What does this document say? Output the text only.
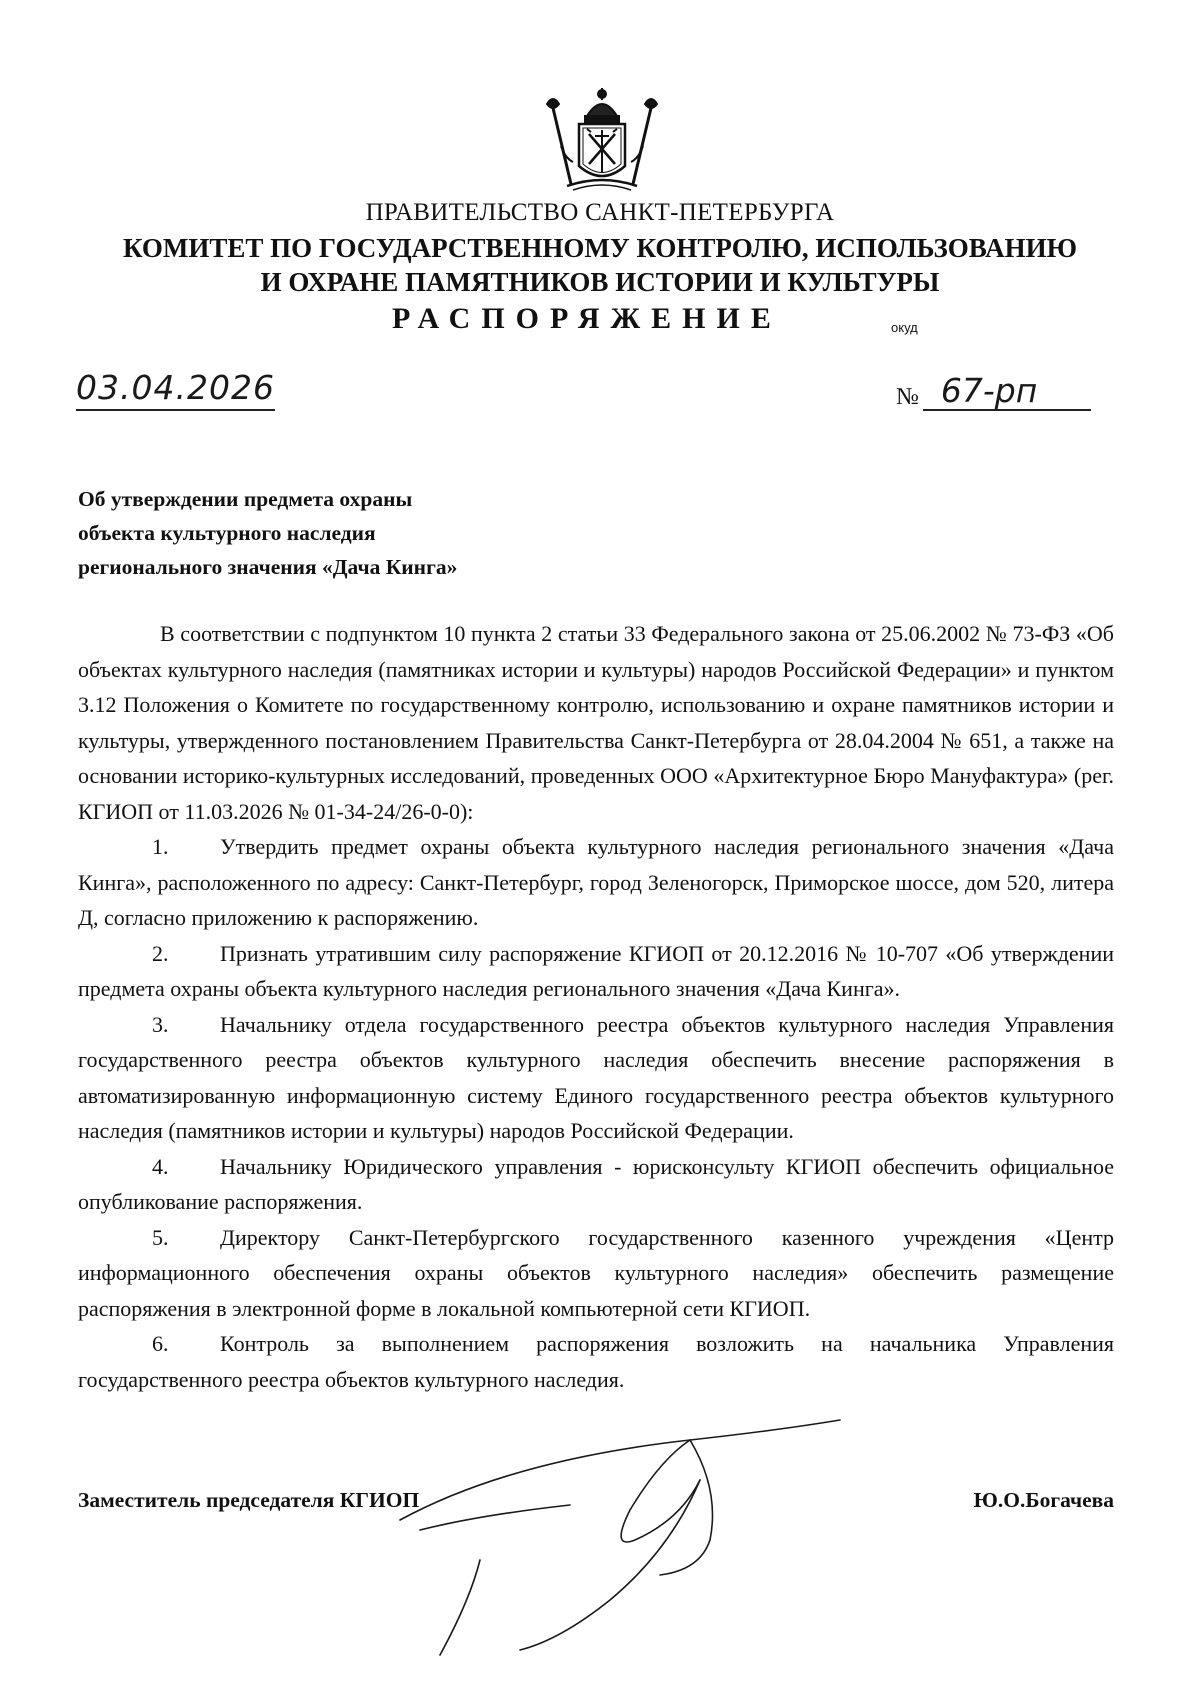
ПРАВИТЕЛЬСТВО САНКТ-ПЕТЕРБУРГА
КОМИТЕТ ПО ГОСУДАРСТВЕННОМУ КОНТРОЛЮ, ИСПОЛЬЗОВАНИЮ
И ОХРАНЕ ПАМЯТНИКОВ ИСТОРИИ И КУЛЬТУРЫ
РАСПОРЯЖЕНИЕ	окуд
03.04.2026	№ 67-рп
Об утверждении предмета охраны
объекта культурного наследия
регионального значения «Дача Кинга»

В соответствии с подпунктом 10 пункта 2 статьи 33 Федерального закона от 25.06.2002 № 73-ФЗ «Об объектах культурного наследия (памятниках истории и культуры) народов Российской Федерации» и пунктом 3.12 Положения о Комитете по государственному контролю, использованию и охране памятников истории и культуры, утвержденного постановлением Правительства Санкт-Петербурга от 28.04.2004 № 651, а также на основании историко-культурных исследований, проведенных ООО «Архитектурное Бюро Мануфактура» (рег. КГИОП от 11.03.2026 № 01-34-24/26-0-0):

1. Утвердить предмет охраны объекта культурного наследия регионального значения «Дача Кинга», расположенного по адресу: Санкт-Петербург, город Зеленогорск, Приморское шоссе, дом 520, литера Д, согласно приложению к распоряжению.

2. Признать утратившим силу распоряжение КГИОП от 20.12.2016 № 10-707 «Об утверждении предмета охраны объекта культурного наследия регионального значения «Дача Кинга».

3. Начальнику отдела государственного реестра объектов культурного наследия Управления государственного реестра объектов культурного наследия обеспечить внесение распоряжения в автоматизированную информационную систему Единого государственного реестра объектов культурного наследия (памятников истории и культуры) народов Российской Федерации.

4. Начальнику Юридического управления - юрисконсульту КГИОП обеспечить официальное опубликование распоряжения.

5. Директору Санкт-Петербургского государственного казенного учреждения «Центр информационного обеспечения охраны объектов культурного наследия» обеспечить размещение распоряжения в электронной форме в локальной компьютерной сети КГИОП.

6. Контроль за выполнением распоряжения возложить на начальника Управления государственного реестра объектов культурного наследия.

Заместитель председателя КГИОП	Ю.О.Богачева
